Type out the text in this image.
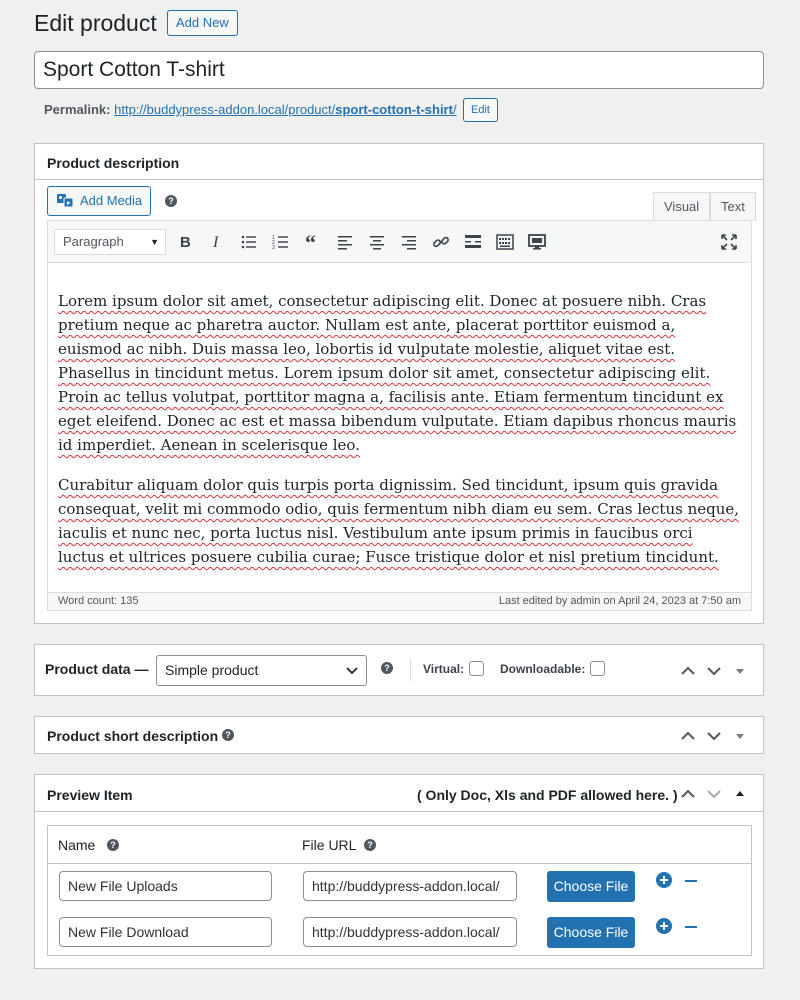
Edit product	Add New
Sport Cotton T-shirt
Permalink: http://buddypress-addon.local/product/sport-cotton-t-shirt/	Edit
Product description
Add Media	?	Visual	Text
Paragraph	▼ B I	1
2
3 “

Lorem ipsum dolor sit amet, consectetur adipiscing elit. Donec at posuere nibh. Cras pretium neque ac pharetra auctor. Nullam est ante, placerat porttitor euismod a, euismod ac nibh. Duis massa leo, lobortis id vulputate molestie, aliquet vitae est. Phasellus in tincidunt metus. Lorem ipsum dolor sit amet, consectetur adipiscing elit. Proin ac tellus volutpat, porttitor magna a, facilisis ante. Etiam fermentum tincidunt ex eget eleifend. Donec ac est et massa bibendum vulputate. Etiam dapibus rhoncus mauris id imperdiet. Aenean in scelerisque leo.

Curabitur aliquam dolor quis turpis porta dignissim. Sed tincidunt, ipsum quis gravida consequat, velit mi commodo odio, quis fermentum nibh diam eu sem. Cras lectus neque, iaculis et nunc nec, porta luctus nisl. Vestibulum ante ipsum primis in faucibus orci luctus et ultrices posuere cubilia curae; Fusce tristique dolor et nisl pretium tincidunt.

Word count: 135	Last edited by admin on April 24, 2023 at 7:50 am
Product data —	Simple product	?	Virtual:	Downloadable:
Product short description ?
Preview Item	( Only Doc, Xls and PDF allowed here. )
Name	?	File URL	?
New File Uploads	http://buddypress-addon.local/	Choose File
New File Download	http://buddypress-addon.local/	Choose File
